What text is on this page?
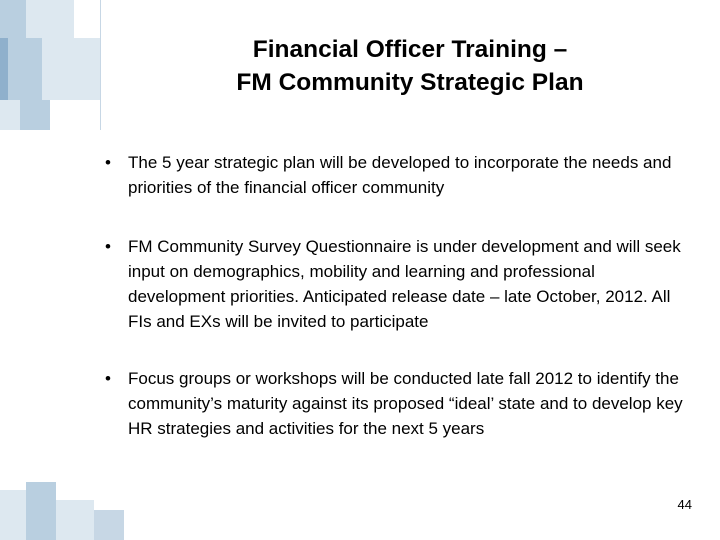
Financial Officer Training –
FM Community Strategic Plan
• The 5 year strategic plan will be developed to incorporate the needs and priorities of the financial officer community
• FM Community Survey Questionnaire is under development and will seek input on demographics, mobility and learning and professional development priorities. Anticipated release date – late October, 2012. All FIs and EXs will be invited to participate
• Focus groups or workshops will be conducted late fall 2012 to identify the community’s maturity against its proposed “ideal’ state and to develop key HR strategies and activities for the next 5 years
44
